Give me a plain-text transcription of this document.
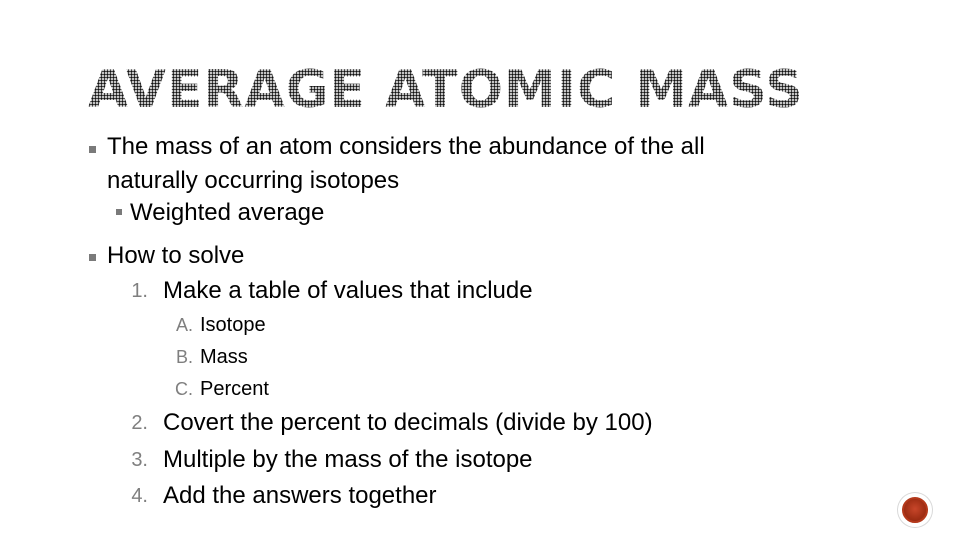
AVERAGE ATOMIC MASS
The mass of an atom considers the abundance of the all
naturally occurring isotopes
Weighted average
How to solve
1. Make a table of values that include
A. Isotope
B. Mass
C. Percent
2. Covert the percent to decimals (divide by 100)
3. Multiple by the mass of the isotope
4. Add the answers together
